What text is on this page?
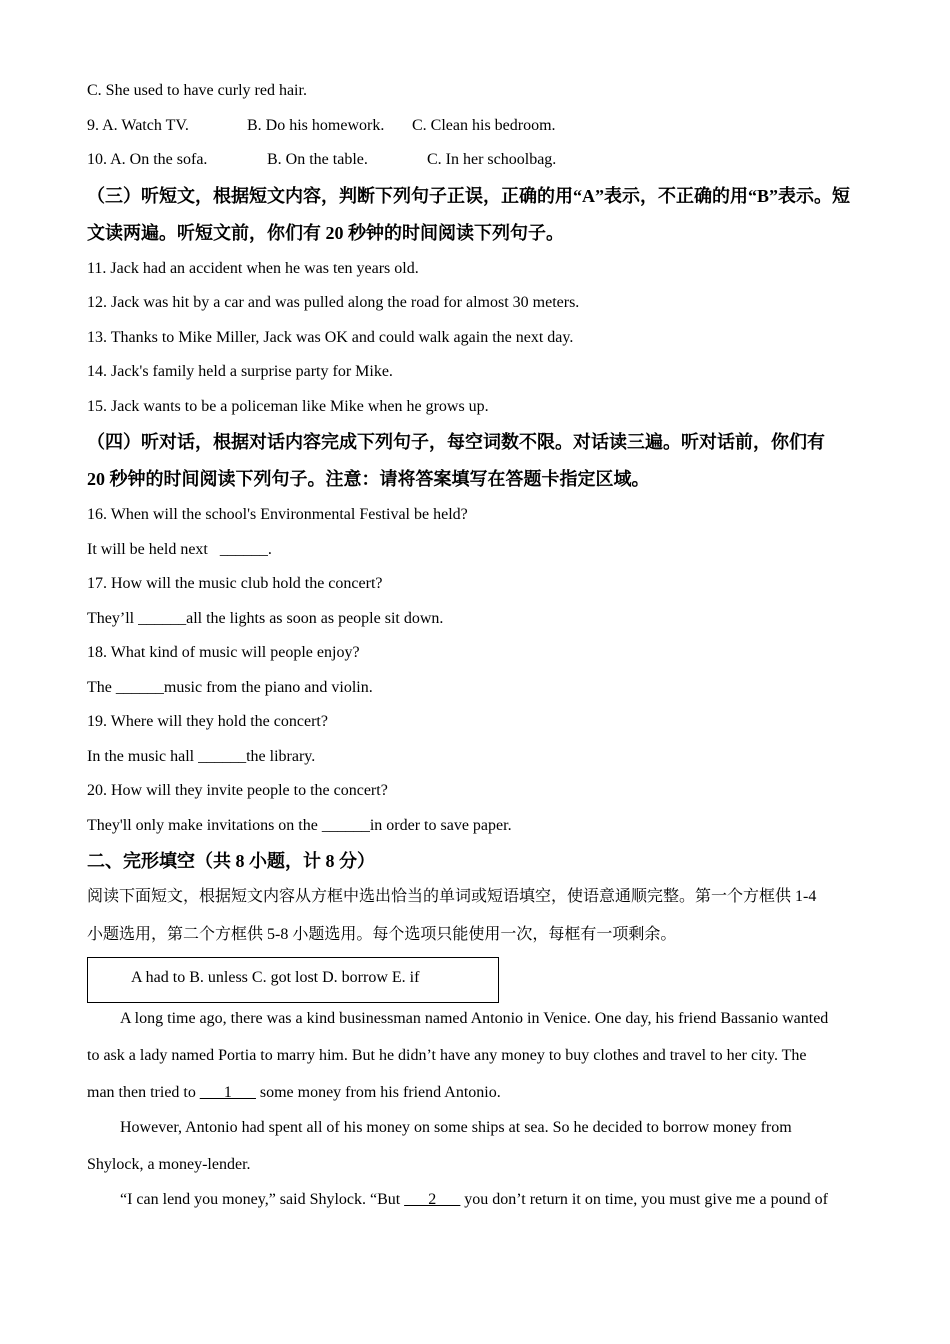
C. She used to have curly red hair.
9. A. Watch TV.	B. Do his homework. C. Clean his bedroom.
10. A. On the sofa.	B. On the table.	C. In her schoolbag.
（三）听短文，根据短文内容，判断下列句子正误，正确的用“A”表示，不正确的用“B”表示。短
文读两遍。听短文前，你们有 20 秒钟的时间阅读下列句子。
11. Jack had an accident when he was ten years old.
12. Jack was hit by a car and was pulled along the road for almost 30 meters.
13. Thanks to Mike Miller, Jack was OK and could walk again the next day.
14. Jack's family held a surprise party for Mike.
15. Jack wants to be a policeman like Mike when he grows up.
（四）听对话，根据对话内容完成下列句子，每空词数不限。对话读三遍。听对话前，你们有
20 秒钟的时间阅读下列句子。注意：请将答案填写在答题卡指定区域。
16. When will the school's Environmental Festival be held?
It will be held next   ______.
17. How will the music club hold the concert?
They’ll ______all the lights as soon as people sit down.
18. What kind of music will people enjoy?
The ______music from the piano and violin.
19. Where will they hold the concert?
In the music hall ______the library.
20. How will they invite people to the concert?
They'll only make invitations on the ______in order to save paper.
二、完形填空（共 8 小题，计 8 分）
阅读下面短文，根据短文内容从方框中选出恰当的单词或短语填空，使语意通顺完整。第一个方框供 1-4
小题选用，第二个方框供 5-8 小题选用。每个选项只能使用一次，每框有一项剩余。
A had to B. unless C. got lost D. borrow E. if
A long time ago, there was a kind businessman named Antonio in Venice. One day, his friend Bassanio wanted
to ask a lady named Portia to marry him. But he didn’t have any money to buy clothes and travel to her city. The
man then tried to ___1___ some money from his friend Antonio.
However, Antonio had spent all of his money on some ships at sea. So he decided to borrow money from
Shylock, a money-lender.
“I can lend you money,” said Shylock. “But ___2___ you don’t return it on time, you must give me a pound of
